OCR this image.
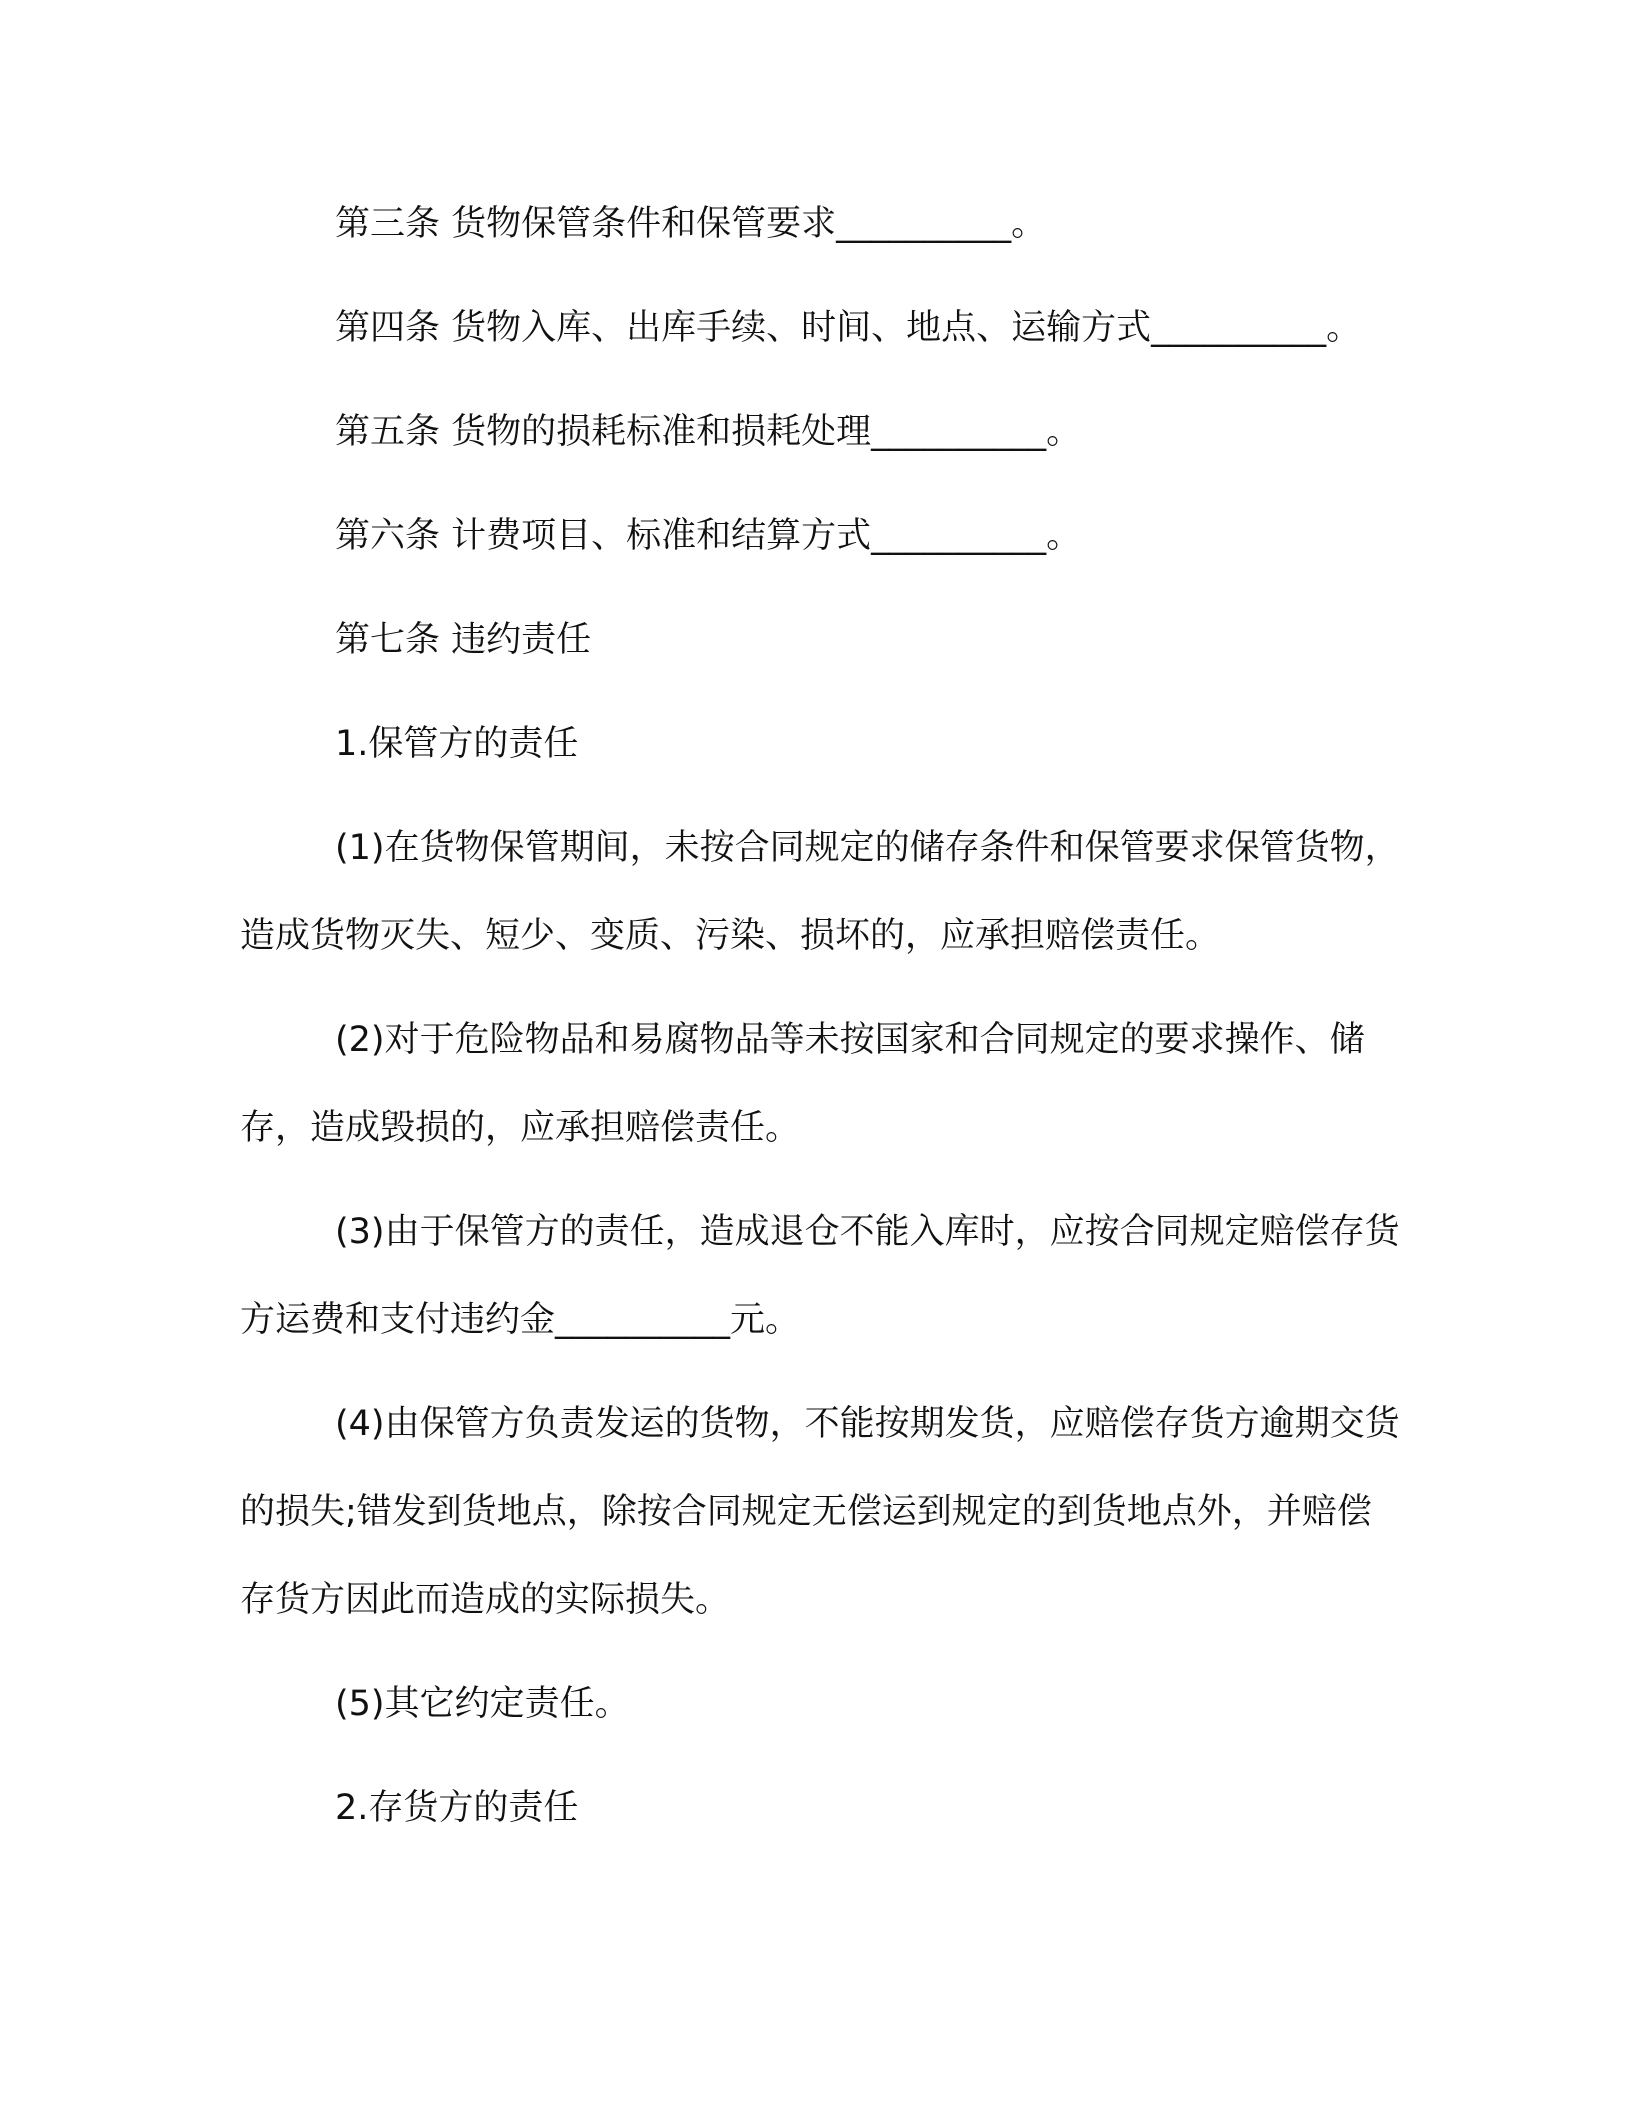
第三条 货物保管条件和保管要求__________。

第四条 货物入库、出库手续、时间、地点、运输方式__________。

第五条 货物的损耗标准和损耗处理__________。

第六条 计费项目、标准和结算方式__________。

第七条 违约责任

1.保管方的责任

(1)在货物保管期间，未按合同规定的储存条件和保管要求保管货物，造成货物灭失、短少、变质、污染、损坏的，应承担赔偿责任。

(2)对于危险物品和易腐物品等未按国家和合同规定的要求操作、储存，造成毁损的，应承担赔偿责任。

(3)由于保管方的责任，造成退仓不能入库时，应按合同规定赔偿存货方运费和支付违约金__________元。

(4)由保管方负责发运的货物，不能按期发货，应赔偿存货方逾期交货的损失;错发到货地点，除按合同规定无偿运到规定的到货地点外，并赔偿存货方因此而造成的实际损失。

(5)其它约定责任。

2.存货方的责任
